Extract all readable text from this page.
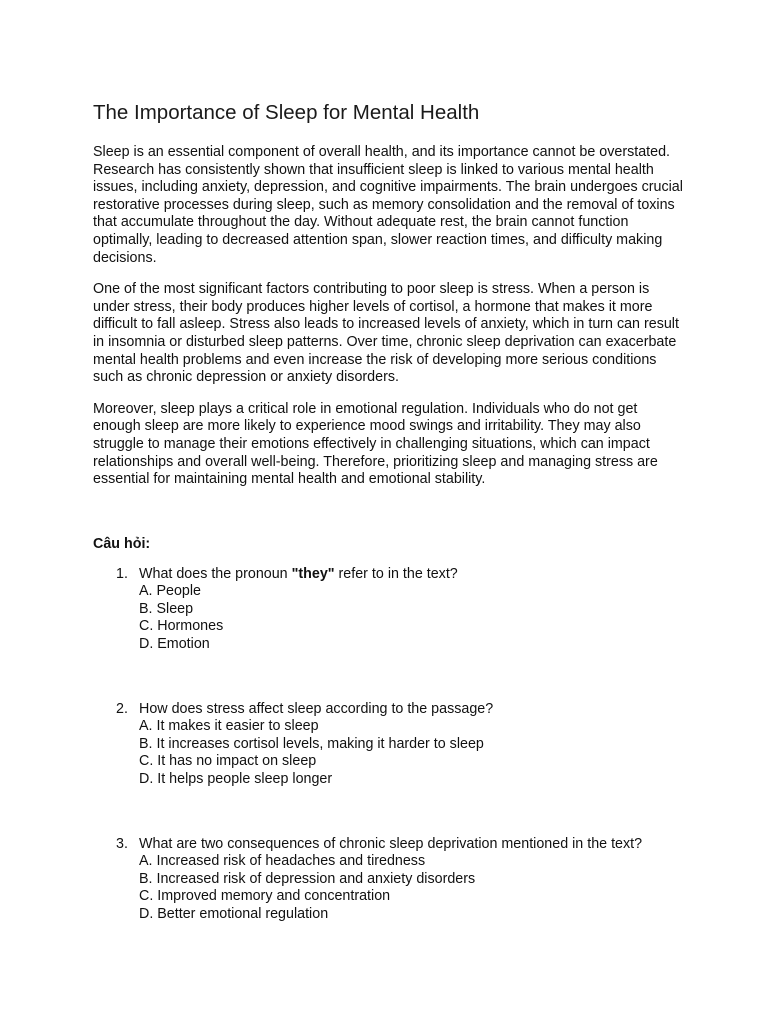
The Importance of Sleep for Mental Health

Sleep is an essential component of overall health, and its importance cannot be overstated. Research has consistently shown that insufficient sleep is linked to various mental health issues, including anxiety, depression, and cognitive impairments. The brain undergoes crucial restorative processes during sleep, such as memory consolidation and the removal of toxins that accumulate throughout the day. Without adequate rest, the brain cannot function optimally, leading to decreased attention span, slower reaction times, and difficulty making decisions.

One of the most significant factors contributing to poor sleep is stress. When a person is under stress, their body produces higher levels of cortisol, a hormone that makes it more difficult to fall asleep. Stress also leads to increased levels of anxiety, which in turn can result in insomnia or disturbed sleep patterns. Over time, chronic sleep deprivation can exacerbate mental health problems and even increase the risk of developing more serious conditions such as chronic depression or anxiety disorders.

Moreover, sleep plays a critical role in emotional regulation. Individuals who do not get enough sleep are more likely to experience mood swings and irritability. They may also struggle to manage their emotions effectively in challenging situations, which can impact relationships and overall well-being. Therefore, prioritizing sleep and managing stress are essential for maintaining mental health and emotional stability.

Câu hỏi:
1. What does the pronoun "they" refer to in the text?
A. People
B. Sleep
C. Hormones
D. Emotion
2. How does stress affect sleep according to the passage?
A. It makes it easier to sleep
B. It increases cortisol levels, making it harder to sleep
C. It has no impact on sleep
D. It helps people sleep longer
3. What are two consequences of chronic sleep deprivation mentioned in the text?
A. Increased risk of headaches and tiredness
B. Increased risk of depression and anxiety disorders
C. Improved memory and concentration
D. Better emotional regulation
